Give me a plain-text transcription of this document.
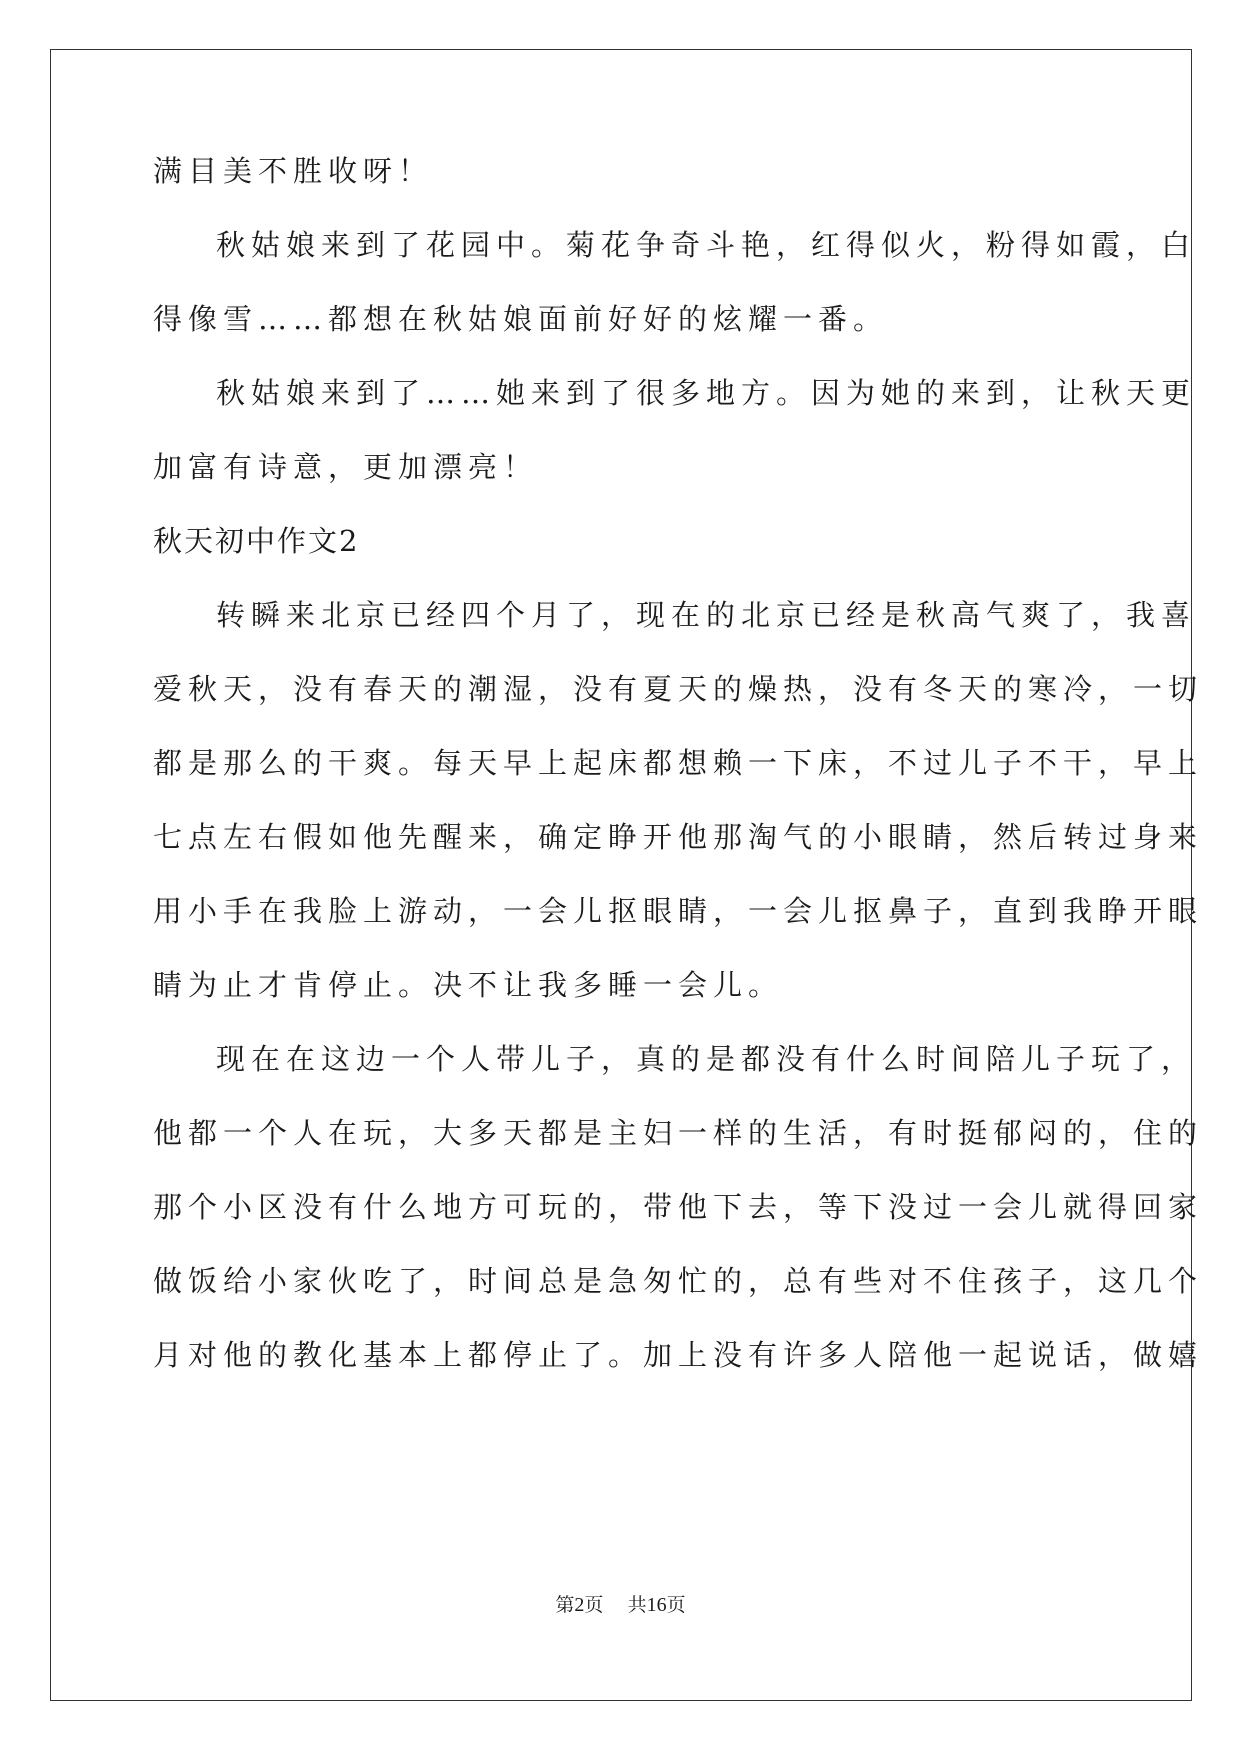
满目美不胜收呀！
秋姑娘来到了花园中。菊花争奇斗艳，红得似火，粉得如霞，白
得像雪……都想在秋姑娘面前好好的炫耀一番。
秋姑娘来到了……她来到了很多地方。因为她的来到，让秋天更
加富有诗意，更加漂亮！
秋天初中作文2
转瞬来北京已经四个月了，现在的北京已经是秋高气爽了，我喜
爱秋天，没有春天的潮湿，没有夏天的燥热，没有冬天的寒冷，一切
都是那么的干爽。每天早上起床都想赖一下床，不过儿子不干，早上
七点左右假如他先醒来，确定睁开他那淘气的小眼睛，然后转过身来
用小手在我脸上游动，一会儿抠眼睛，一会儿抠鼻子，直到我睁开眼
睛为止才肯停止。决不让我多睡一会儿。
现在在这边一个人带儿子，真的是都没有什么时间陪儿子玩了，
他都一个人在玩，大多天都是主妇一样的生活，有时挺郁闷的，住的
那个小区没有什么地方可玩的，带他下去，等下没过一会儿就得回家
做饭给小家伙吃了，时间总是急匆忙的，总有些对不住孩子，这几个
月对他的教化基本上都停止了。加上没有许多人陪他一起说话，做嬉
第2页 共16页
